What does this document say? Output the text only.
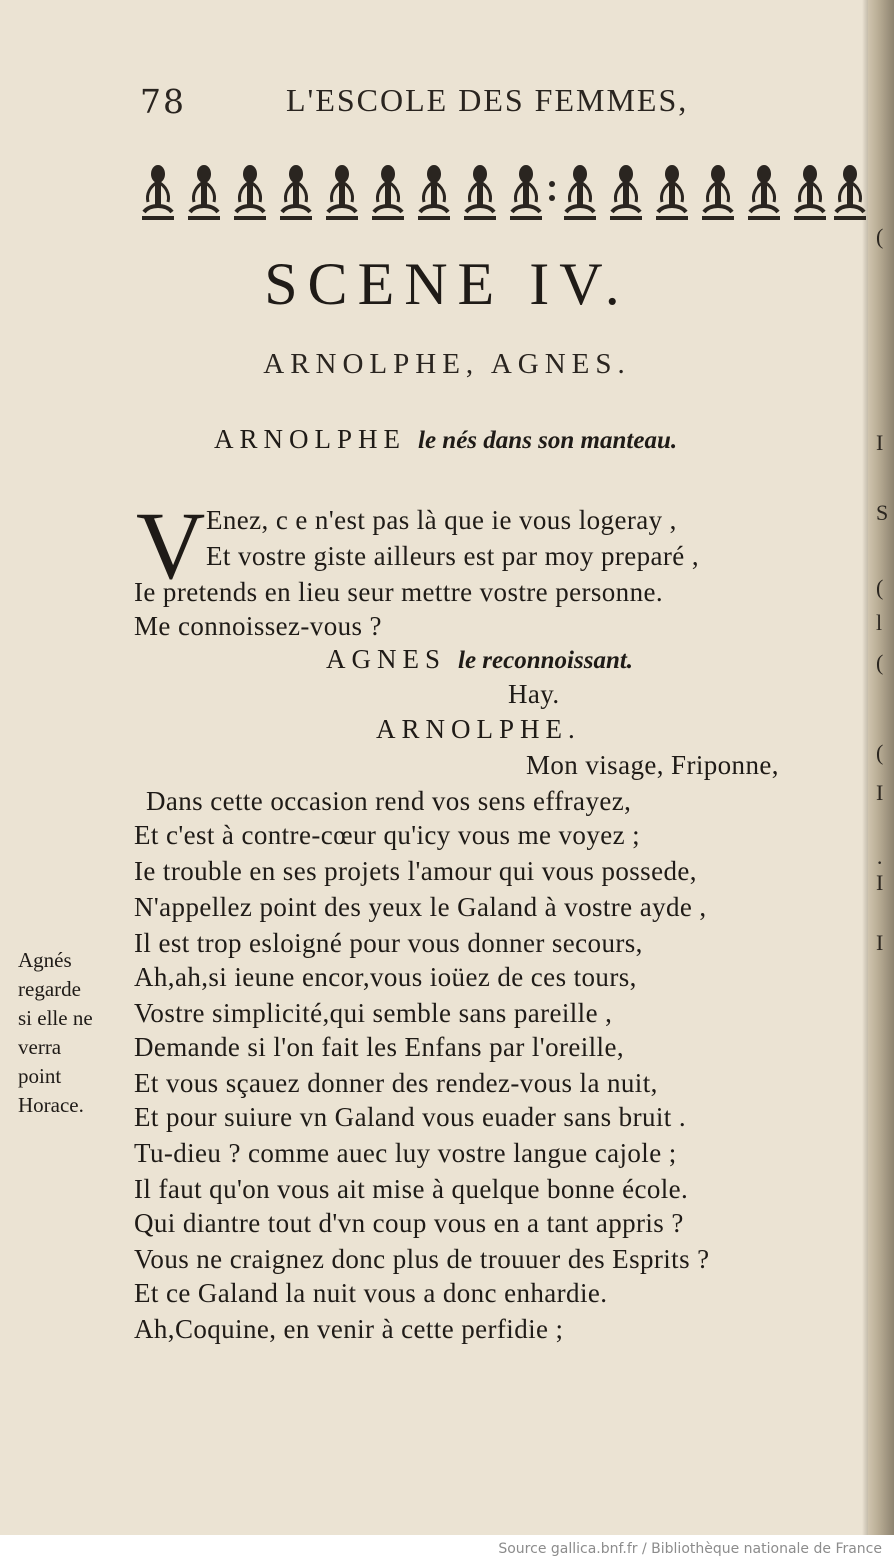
78	L'ESCOLE DES FEMMES,
SCENE IV.
ARNOLPHE, AGNES.
ARNOLPHE le nés dans son manteau.
V Enez, c e n'est pas là que ie vous logeray ,
Et vostre giste ailleurs est par moy preparé ,
Ie pretends en lieu seur mettre vostre personne.
Me connoissez-vous ?
AGNES le reconnoissant.
Hay.
ARNOLPHE.
Mon visage, Friponne,
Dans cette occasion rend vos sens effrayez,
Et c'est à contre-cœur qu'icy vous me voyez ;
Ie trouble en ses projets l'amour qui vous possede,
N'appellez point des yeux le Galand à vostre ayde ,
Il est trop esloigné pour vous donner secours,
Ah,ah,si ieune encor,vous ioüez de ces tours,
Vostre simplicité,qui semble sans pareille ,
Demande si l'on fait les Enfans par l'oreille,
Et vous sçauez donner des rendez-vous la nuit,
Et pour suiure vn Galand vous euader sans bruit .
Tu-dieu ? comme auec luy vostre langue cajole ;
Il faut qu'on vous ait mise à quelque bonne école.
Qui diantre tout d'vn coup vous en a tant appris ?
Vous ne craignez donc plus de trouuer des Esprits ?
Et ce Galand la nuit vous a donc enhardie.
Ah,Coquine, en venir à cette perfidie ;
Agnés
regarde
si elle ne
verra
point
Horace.
(
I
S
(
l
(
(
I
·
I
I
Source gallica.bnf.fr / Bibliothèque nationale de France
